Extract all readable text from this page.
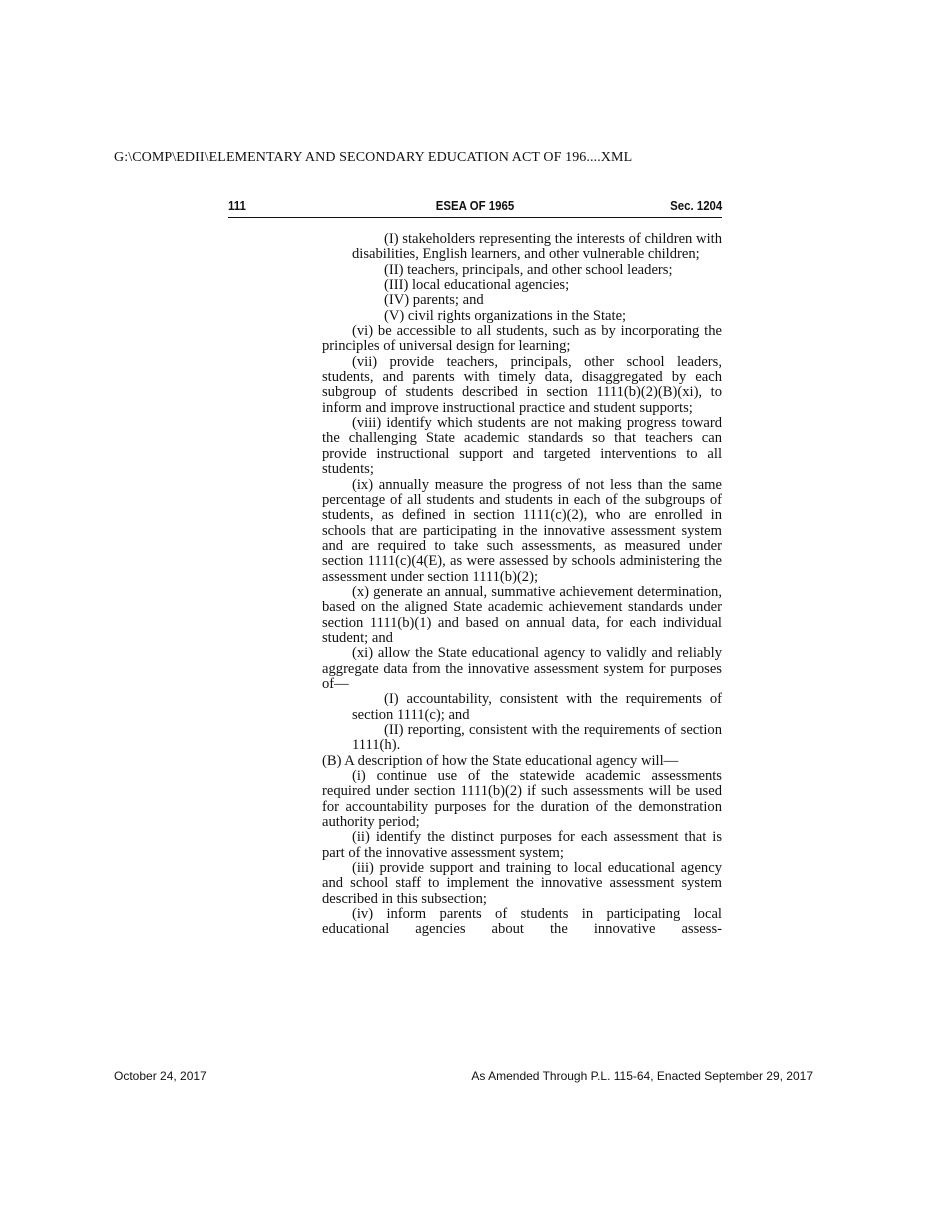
G:\COMP\EDII\ELEMENTARY AND SECONDARY EDUCATION ACT OF 196....XML
111	ESEA OF 1965	Sec. 1204

(I) stakeholders representing the interests of children with disabilities, English learners, and other vulnerable children;

(II) teachers, principals, and other school leaders;

(III) local educational agencies;

(IV) parents; and

(V) civil rights organizations in the State;

(vi) be accessible to all students, such as by incorporating the principles of universal design for learning;

(vii) provide teachers, principals, other school leaders, students, and parents with timely data, disaggregated by each subgroup of students described in section 1111(b)(2)(B)(xi), to inform and improve instructional practice and student supports;

(viii) identify which students are not making progress toward the challenging State academic standards so that teachers can provide instructional support and targeted interventions to all students;

(ix) annually measure the progress of not less than the same percentage of all students and students in each of the subgroups of students, as defined in section 1111(c)(2), who are enrolled in schools that are participating in the innovative assessment system and are required to take such assessments, as measured under section 1111(c)(4(E), as were assessed by schools administering the assessment under section 1111(b)(2);

(x) generate an annual, summative achievement determination, based on the aligned State academic achievement standards under section 1111(b)(1) and based on annual data, for each individual student; and

(xi) allow the State educational agency to validly and reliably aggregate data from the innovative assessment system for purposes of—

(I) accountability, consistent with the requirements of section 1111(c); and

(II) reporting, consistent with the requirements of section 1111(h).

(B) A description of how the State educational agency will—

(i) continue use of the statewide academic assessments required under section 1111(b)(2) if such assessments will be used for accountability purposes for the duration of the demonstration authority period;

(ii) identify the distinct purposes for each assessment that is part of the innovative assessment system;

(iii) provide support and training to local educational agency and school staff to implement the innovative assessment system described in this subsection;

(iv) inform parents of students in participating local educational agencies about the innovative assess-

October 24, 2017	As Amended Through P.L. 115-64, Enacted September 29, 2017
